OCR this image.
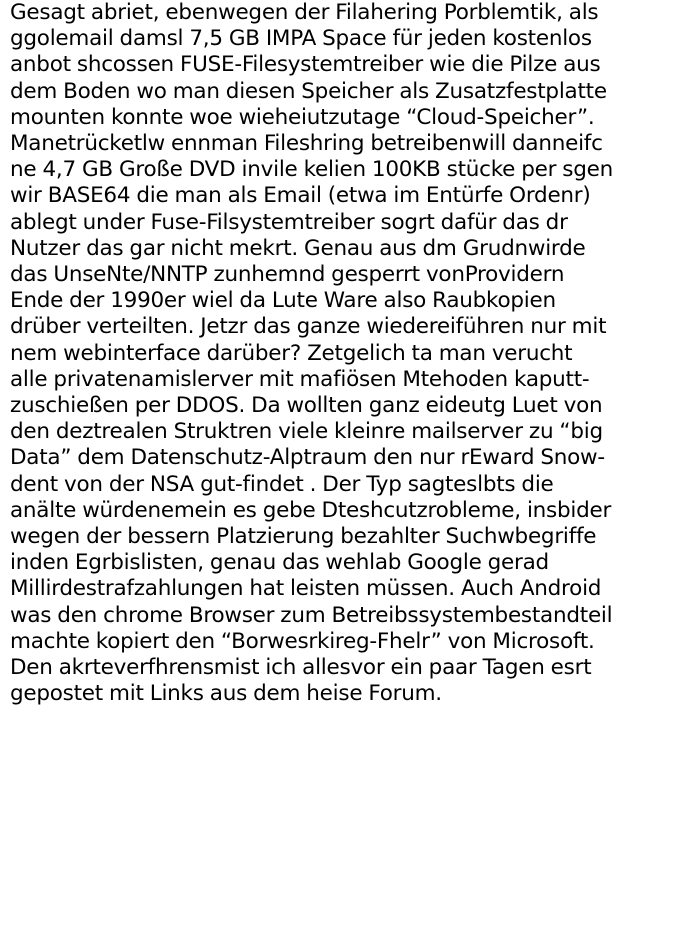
Gesagt abriet, ebenwegen der Filahering Porblemtik, als
ggolemail damsl 7,5 GB IMPA Space für jeden kostenlos
anbot shcossen FUSE-Filesystemtreiber wie die Pilze aus
dem Boden wo man diesen Speicher als Zusatzfestplatte
mounten konnte woe wieheiutzutage “Cloud-Speicher”.
Manetrücketlw ennman Fileshring betreibenwill danneifc
ne 4,7 GB Große DVD invile kelien 100KB stücke per sgen
wir BASE64 die man als Email (etwa im Entürfe Ordenr)
ablegt under Fuse-Filsystemtreiber sogrt dafür das dr
Nutzer das gar nicht mekrt. Genau aus dm Grudnwirde
das UnseNte/NNTP zunhemnd gesperrt vonProvidern
Ende der 1990er wiel da Lute Ware also Raubkopien
drüber verteilten. Jetzr das ganze wiedereiführen nur mit
nem webinterface darüber? Zetgelich ta man verucht
alle privatenamislerver mit mafiösen Mtehoden kaputt-
zuschießen per DDOS. Da wollten ganz eideutg Luet von
den deztrealen Struktren viele kleinre mailserver zu “big
Data” dem Datenschutz-Alptraum den nur rEward Snow-
dent von der NSA gut-findet . Der Typ sagteslbts die
anälte würdenemein es gebe Dteshcutzrobleme, insbider
wegen der bessern Platzierung bezahlter Suchwbegriffe
inden Egrbislisten, genau das wehlab Google gerad
Millirdestrafzahlungen hat leisten müssen. Auch Android
was den chrome Browser zum Betreibssystembestandteil
machte kopiert den “Borwesrkireg-Fhelr” von Microsoft.
Den akrteverfhrensmist ich allesvor ein paar Tagen esrt
gepostet mit Links aus dem heise Forum.
